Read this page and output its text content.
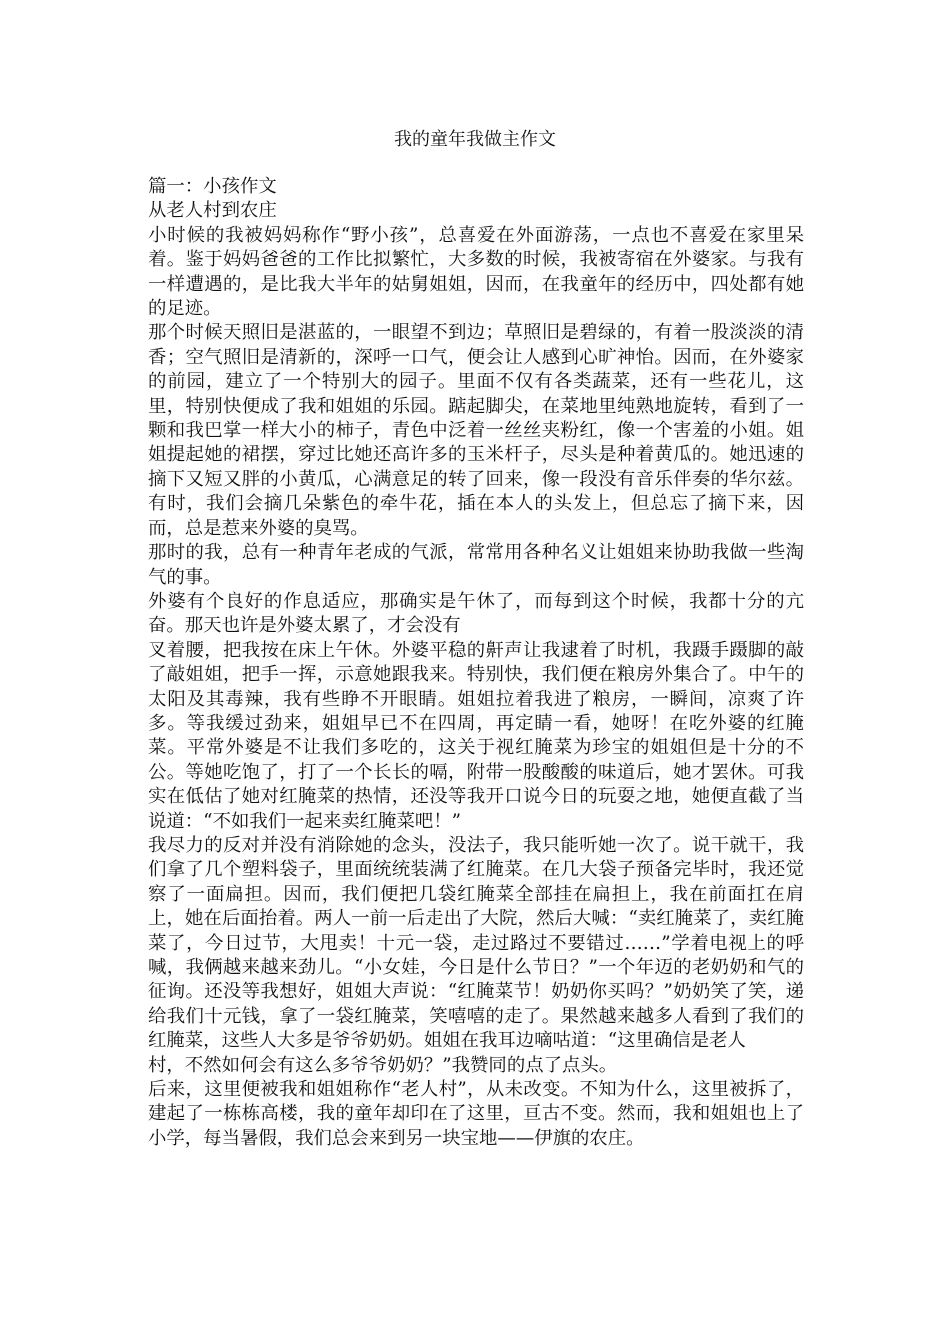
我的童年我做主作文

篇一：小孩作文

从老人村到农庄

小时候的我被妈妈称作“野小孩”，总喜爱在外面游荡，一点也不喜爱在家里呆着。鉴于妈妈爸爸的工作比拟繁忙，大多数的时候，我被寄宿在外婆家。与我有一样遭遇的，是比我大半年的姑舅姐姐，因而，在我童年的经历中，四处都有她的足迹。

那个时候天照旧是湛蓝的，一眼望不到边；草照旧是碧绿的，有着一股淡淡的清香；空气照旧是清新的，深呼一口气，便会让人感到心旷神怡。因而，在外婆家的前园，建立了一个特别大的园子。里面不仅有各类蔬菜，还有一些花儿，这里，特别快便成了我和姐姐的乐园。踮起脚尖，在菜地里纯熟地旋转，看到了一颗和我巴掌一样大小的柿子，青色中泛着一丝丝夹粉红，像一个害羞的小姐。姐姐提起她的裙摆，穿过比她还高许多的玉米杆子，尽头是种着黄瓜的。她迅速的摘下又短又胖的小黄瓜，心满意足的转了回来，像一段没有音乐伴奏的华尔兹。有时，我们会摘几朵紫色的牵牛花，插在本人的头发上，但总忘了摘下来，因而，总是惹来外婆的臭骂。

那时的我，总有一种青年老成的气派，常常用各种名义让姐姐来协助我做一些淘气的事。

外婆有个良好的作息适应，那确实是午休了，而每到这个时候，我都十分的亢奋。那天也许是外婆太累了，才会没有

叉着腰，把我按在床上午休。外婆平稳的鼾声让我逮着了时机，我蹑手蹑脚的敲了敲姐姐，把手一挥，示意她跟我来。特别快，我们便在粮房外集合了。中午的太阳及其毒辣，我有些睁不开眼睛。姐姐拉着我进了粮房，一瞬间，凉爽了许多。等我缓过劲来，姐姐早已不在四周，再定睛一看，她呀！在吃外婆的红腌菜。平常外婆是不让我们多吃的，这关于视红腌菜为珍宝的姐姐但是十分的不公。等她吃饱了，打了一个长长的嗝，附带一股酸酸的味道后，她才罢休。可我实在低估了她对红腌菜的热情，还没等我开口说今日的玩耍之地，她便直截了当说道：“不如我们一起来卖红腌菜吧！”

我尽力的反对并没有消除她的念头，没法子，我只能听她一次了。说干就干，我们拿了几个塑料袋子，里面统统装满了红腌菜。在几大袋子预备完毕时，我还觉察了一面扁担。因而，我们便把几袋红腌菜全部挂在扁担上，我在前面扛在肩上，她在后面抬着。两人一前一后走出了大院，然后大喊：“卖红腌菜了，卖红腌菜了，今日过节，大甩卖！十元一袋，走过路过不要错过……”学着电视上的呼喊，我俩越来越来劲儿。“小女娃，今日是什么节日？”一个年迈的老奶奶和气的征询。还没等我想好，姐姐大声说：“红腌菜节！奶奶你买吗？”奶奶笑了笑，递给我们十元钱，拿了一袋红腌菜，笑嘻嘻的走了。果然越来越多人看到了我们的红腌菜，这些人大多是爷爷奶奶。姐姐在我耳边嘀咕道：“这里确信是老人

村，不然如何会有这么多爷爷奶奶？”我赞同的点了点头。

后来，这里便被我和姐姐称作“老人村”，从未改变。不知为什么，这里被拆了，建起了一栋栋高楼，我的童年却印在了这里，亘古不变。然而，我和姐姐也上了小学，每当暑假，我们总会来到另一块宝地——伊旗的农庄。
